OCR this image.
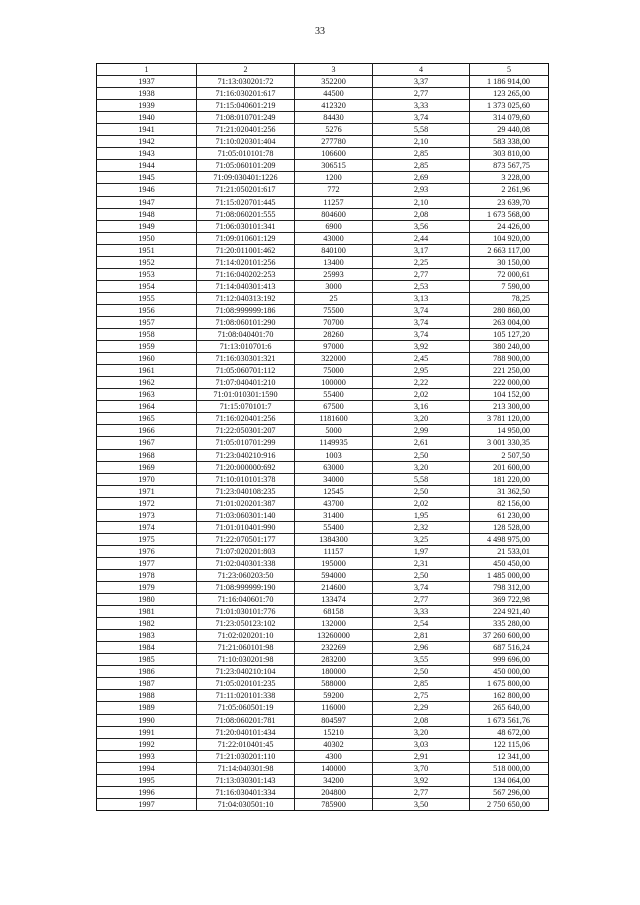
33
1	2	3	4	5
1937	71:13:030201:72	352200	3,37	1 186 914,00
1938	71:16:030201:617	44500	2,77	123 265,00
1939	71:15:040601:219	412320	3,33	1 373 025,60
1940	71:08:010701:249	84430	3,74	314 079,60
1941	71:21:020401:256	5276	5,58	29 440,08
1942	71:10:020301:404	277780	2,10	583 338,00
1943	71:05:010101:78	106600	2,85	303 810,00
1944	71:05:060101:209	306515	2,85	873 567,75
1945	71:09:030401:1226	1200	2,69	3 228,00
1946	71:21:050201:617	772	2,93	2 261,96
1947	71:15:020701:445	11257	2,10	23 639,70
1948	71:08:060201:555	804600	2,08	1 673 568,00
1949	71:06:030101:341	6900	3,56	24 426,00
1950	71:09:010601:129	43000	2,44	104 920,00
1951	71:20:011001:462	840100	3,17	2 663 117,00
1952	71:14:020101:256	13400	2,25	30 150,00
1953	71:16:040202:253	25993	2,77	72 000,61
1954	71:14:040301:413	3000	2,53	7 590,00
1955	71:12:040313:192	25	3,13	78,25
1956	71:08:999999:186	75500	3,74	280 860,00
1957	71:08:060101:290	70700	3,74	263 004,00
1958	71:08:040401:70	28260	3,74	105 127,20
1959	71:13:010701:6	97000	3,92	380 240,00
1960	71:16:030301:321	322000	2,45	788 900,00
1961	71:05:060701:112	75000	2,95	221 250,00
1962	71:07:040401:210	100000	2,22	222 000,00
1963	71:01:010301:1590	55400	2,02	104 152,00
1964	71:15:070101:7	67500	3,16	213 300,00
1965	71:16:020401:256	1181600	3,20	3 781 120,00
1966	71:22:050301:207	5000	2,99	14 950,00
1967	71:05:010701:299	1149935	2,61	3 001 330,35
1968	71:23:040210:916	1003	2,50	2 507,50
1969	71:20:000000:692	63000	3,20	201 600,00
1970	71:10:010101:378	34000	5,58	181 220,00
1971	71:23:040108:235	12545	2,50	31 362,50
1972	71:01:020201:387	43700	2,02	82 156,00
1973	71:03:060301:140	31400	1,95	61 230,00
1974	71:01:010401:990	55400	2,32	128 528,00
1975	71:22:070501:177	1384300	3,25	4 498 975,00
1976	71:07:020201:803	11157	1,97	21 533,01
1977	71:02:040301:338	195000	2,31	450 450,00
1978	71:23:060203:50	594000	2,50	1 485 000,00
1979	71:08:999999:190	214600	3,74	798 312,00
1980	71:16:040601:70	133474	2,77	369 722,98
1981	71:01:030101:776	68158	3,33	224 921,40
1982	71:23:050123:102	132000	2,54	335 280,00
1983	71:02:020201:10	13260000	2,81	37 260 600,00
1984	71:21:060101:98	232269	2,96	687 516,24
1985	71:10:030201:98	283200	3,55	999 696,00
1986	71:23:040210:104	180000	2,50	450 000,00
1987	71:05:020101:235	588000	2,85	1 675 800,00
1988	71:11:020101:338	59200	2,75	162 800,00
1989	71:05:060501:19	116000	2,29	265 640,00
1990	71:08:060201:781	804597	2,08	1 673 561,76
1991	71:20:040101:434	15210	3,20	48 672,00
1992	71:22:010401:45	40302	3,03	122 115,06
1993	71:21:030201:110	4300	2,91	12 341,00
1994	71:14:040301:98	140000	3,70	518 000,00
1995	71:13:030301:143	34200	3,92	134 064,00
1996	71:16:030401:334	204800	2,77	567 296,00
1997	71:04:030501:10	785900	3,50	2 750 650,00
